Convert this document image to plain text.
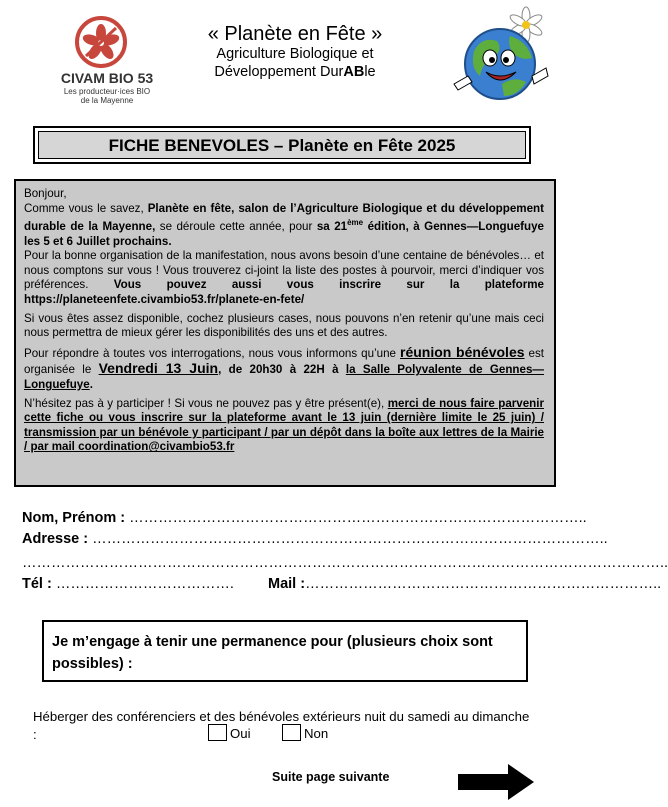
CIVAM BIO 53
Les producteur·ices BIO
de la Mayenne
« Planète en Fête »
Agriculture Biologique et
Développement DurABle
FICHE BENEVOLES – Planète en Fête 2025

Bonjour,

Comme vous le savez, Planète en fête, salon de l’Agriculture Biologique et du développement durable de la Mayenne, se déroule cette année, pour sa 21ème édition, à Gennes—Longuefuye les 5 et 6 Juillet prochains.

Pour la bonne organisation de la manifestation, nous avons besoin d’une centaine de bénévoles… et nous comptons sur vous ! Vous trouverez ci-joint la liste des postes à pourvoir, merci d’indiquer vos préférences. Vous pouvez aussi vous inscrire sur la plateforme https://planeteenfete.civambio53.fr/planete-en-fete/

Si vous êtes assez disponible, cochez plusieurs cases, nous pouvons n’en retenir qu’une mais ceci nous permettra de mieux gérer les disponibilités des uns et des autres.

Pour répondre à toutes vos interrogations, nous vous informons qu’une réunion bénévoles est organisée le Vendredi 13 Juin, de 20h30 à 22H à la Salle Polyvalente de Gennes—Longuefuye.

N’hésitez pas à y participer ! Si vous ne pouvez pas y être présent(e), merci de nous faire parvenir cette fiche ou vous inscrire sur la plateforme avant le 13 juin (dernière limite le 25 juin) / transmission par un bénévole y participant / par un dépôt dans la boîte aux lettres de la Mairie / par mail coordination@civambio53.fr

Nom, Prénom : …………………………………………………………………………………..
Adresse : ……………………………………………………………………………………………..
……………………………………………………………………………………………………………………..
Tél : ………………………………. Mail :………………………………………………………………..
Je m’engage à tenir une permanence pour (plusieurs choix sont possibles) :
Héberger des conférenciers et des bénévoles extérieurs nuit du samedi au dimanche :	Oui	Non
Suite page suivante
